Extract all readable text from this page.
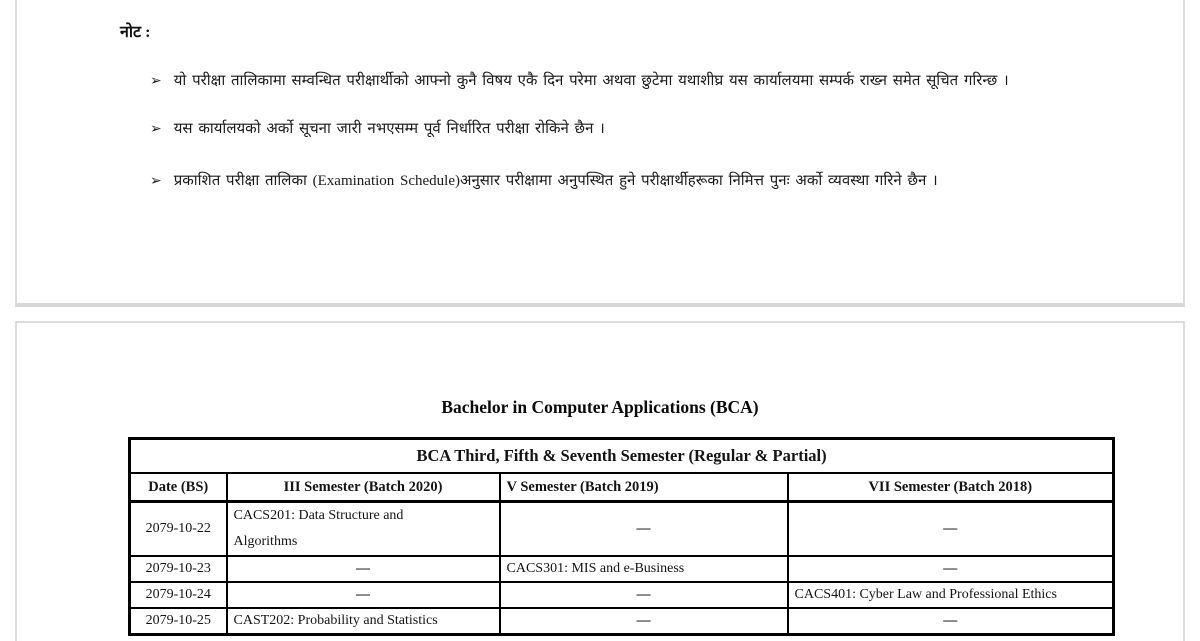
नोट :
➢ यो परीक्षा तालिकामा सम्वन्धित परीक्षार्थीको आफ्नो कुनै विषय एकै दिन परेमा अथवा छुटेमा यथाशीघ्र यस कार्यालयमा सम्पर्क राख्न समेत सूचित गरिन्छ ।
➢ यस कार्यालयको अर्को सूचना जारी नभएसम्म पूर्व निर्धारित परीक्षा रोकिने छैन ।
➢ प्रकाशित परीक्षा तालिका (Examination Schedule)अनुसार परीक्षामा अनुपस्थित हुने परीक्षार्थीहरूका निमित्त पुनः अर्को व्यवस्था गरिने छैन ।
Bachelor in Computer Applications (BCA)
BCA Third, Fifth & Seventh Semester (Regular & Partial)			
Date (BS)	III Semester (Batch 2020)	V Semester (Batch 2019)	VII Semester (Batch 2018)
2079-10-22	CACS201: Data Structure and Algorithms	—	—
2079-10-23	—	CACS301: MIS and e-Business	—
2079-10-24	—	—	CACS401: Cyber Law and Professional Ethics
2079-10-25	CAST202: Probability and Statistics	—	—
